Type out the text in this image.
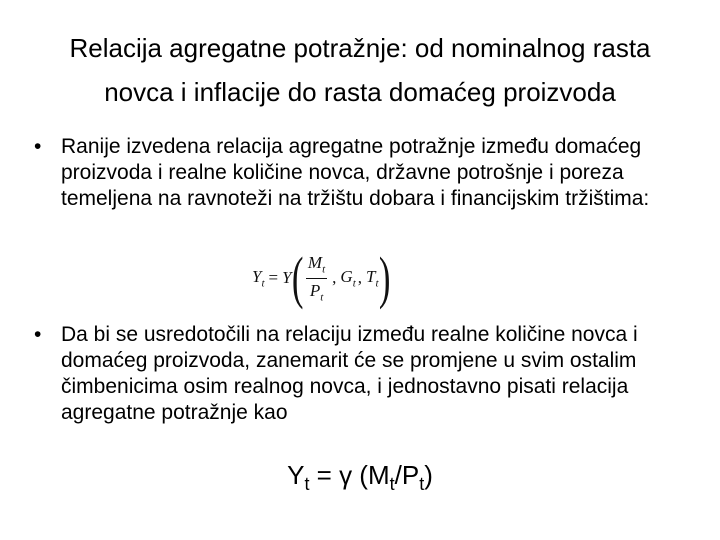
Relacija agregatne potražnje: od nominalnog rasta
novca i inflacije do rasta domaćeg proizvoda
• Ranije izvedena relacija agregatne potražnje između domaćeg proizvoda i realne količine novca, državne potrošnje i poreza temeljena na ravnoteži na tržištu dobara i financijskim tržištima:
$Y_t = Y$ ( $\frac{M_t}{P_t}$ , $G_t$ , $T_t$ )
• Da bi se usredotočili na relaciju između realne količine novca i domaćeg proizvoda, zanemarit će se promjene u svim ostalim čimbenicima osim realnog novca, i jednostavno pisati relacija agregatne potražnje kao
$Y_t = \gamma$ $(M_t/P_t)$
